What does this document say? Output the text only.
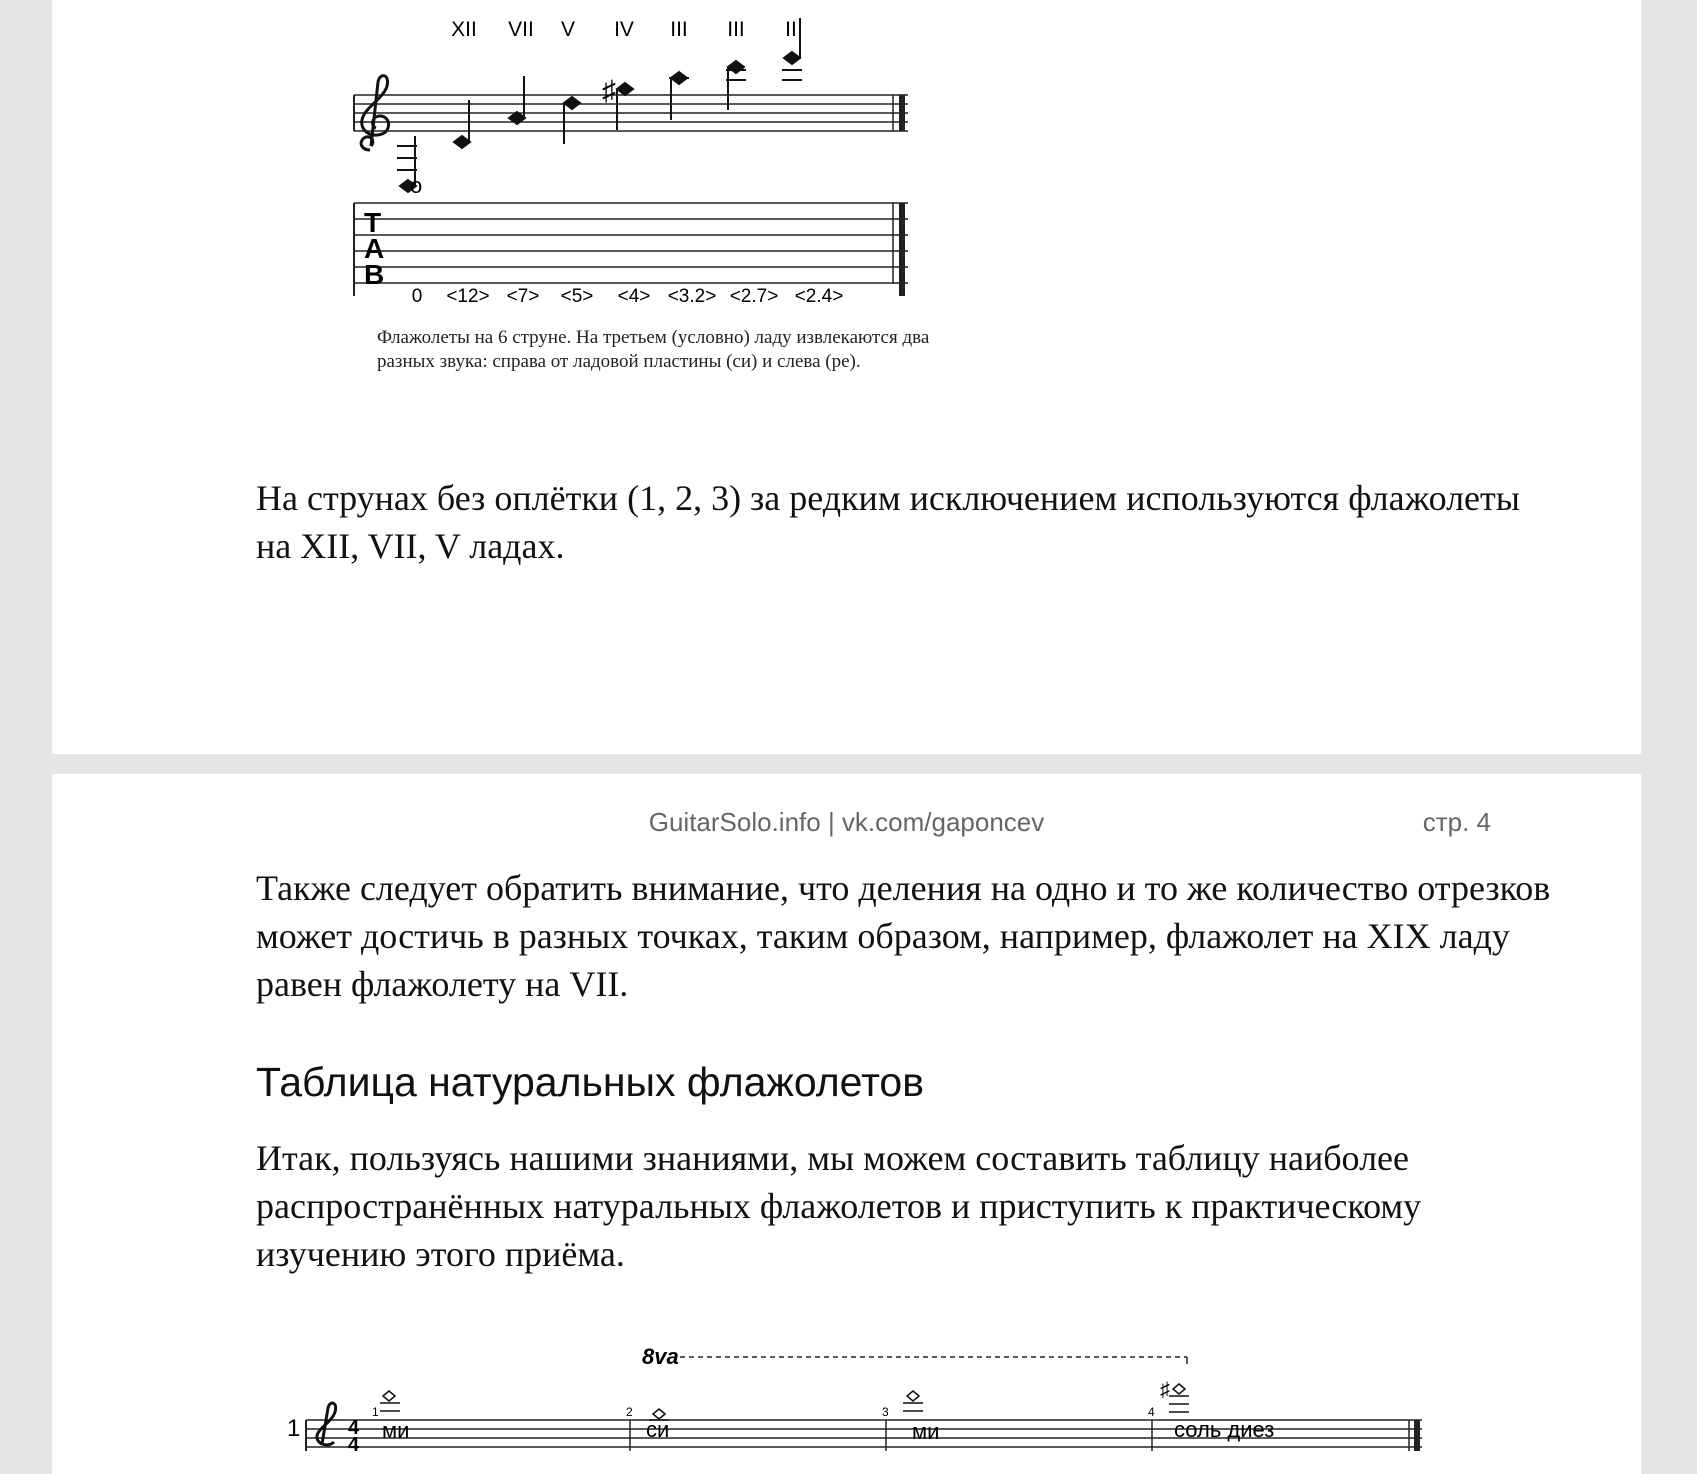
XII VII V IV III III II
♯
o
T
A
B
0 <12> <7> <5> <4> <3.2> <2.7> <2.4>
Флажолеты на 6 струне. На третьем (условно) ладу извлекаются два
разных звука: справа от ладовой пластины (си) и слева (ре).

На струнах без оплётки (1, 2, 3) за редким исключением используются флажолеты на XII, VII, V ладах.

GuitarSolo.info | vk.com/gaponcev	стр. 4

Также следует обратить внимание, что деления на одно и то же количество отрезков может достичь в разных точках, таким образом, например, флажолет на XIX ладу равен флажолету на VII.

Таблица натуральных флажолетов

Итак, пользуясь нашими знаниями, мы можем составить таблицу наиболее распространённых натуральных флажолетов и приступить к практическому изучению этого приёма.

8va
1 4
4
1	2	3	4
♯
ми	си	ми	соль диез
